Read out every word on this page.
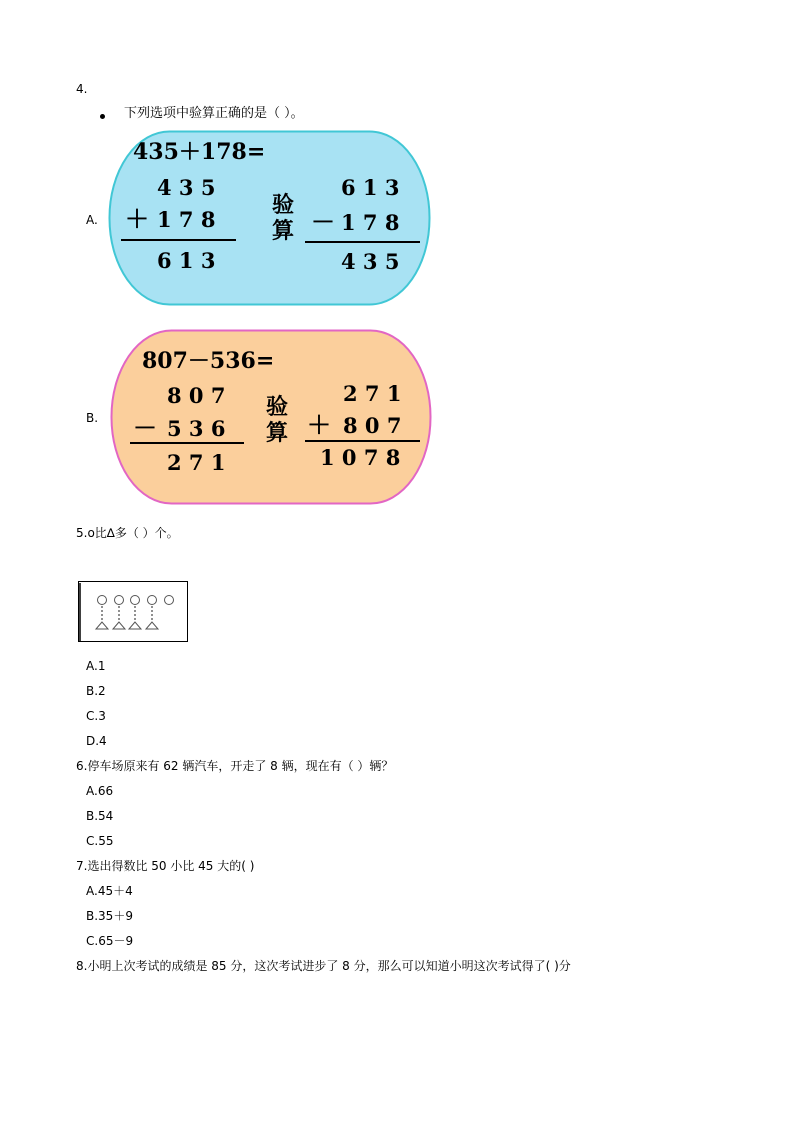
4.
下列选项中验算正确的是（ ）。
A.
435＋178=
4 3 5
＋ 1 7 8
6 1 3
验
算
6 1 3
－ 1 7 8
4 3 5
B.
807－536=
8 0 7
－ 5 3 6
2 7 1
验
算
2 7 1
＋ 8 0 7
1 0 7 8
5.o比∆多（ ）个。
A.1
B.2
C.3
D.4
6.停车场原来有 62 辆汽车，开走了 8 辆，现在有（ ）辆？
A.66
B.54
C.55
7.选出得数比 50 小比 45 大的( )
A.45＋4
B.35＋9
C.65－9
8.小明上次考试的成绩是 85 分，这次考试进步了 8 分，那么可以知道小明这次考试得了( )分
